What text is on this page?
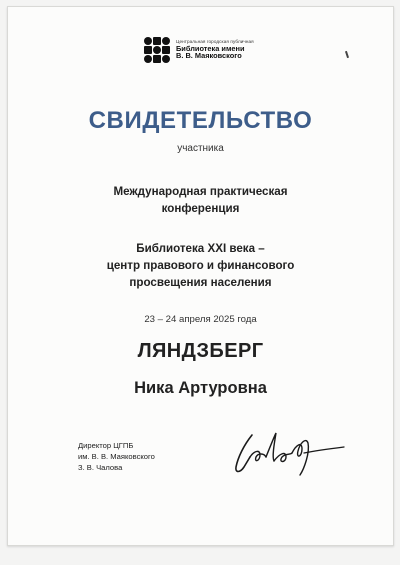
Центральная городская публичная
Библиотека имени
В. В. Маяковского
СВИДЕТЕЛЬСТВО
участника
Международная практическая
конференция
Библиотека XXI века –
центр правового и финансового
просвещения населения
23 – 24 апреля 2025 года
ЛЯНДЗБЕРГ
Ника Артуровна
Директор ЦГПБ
им. В. В. Маяковского
З. В. Чалова
